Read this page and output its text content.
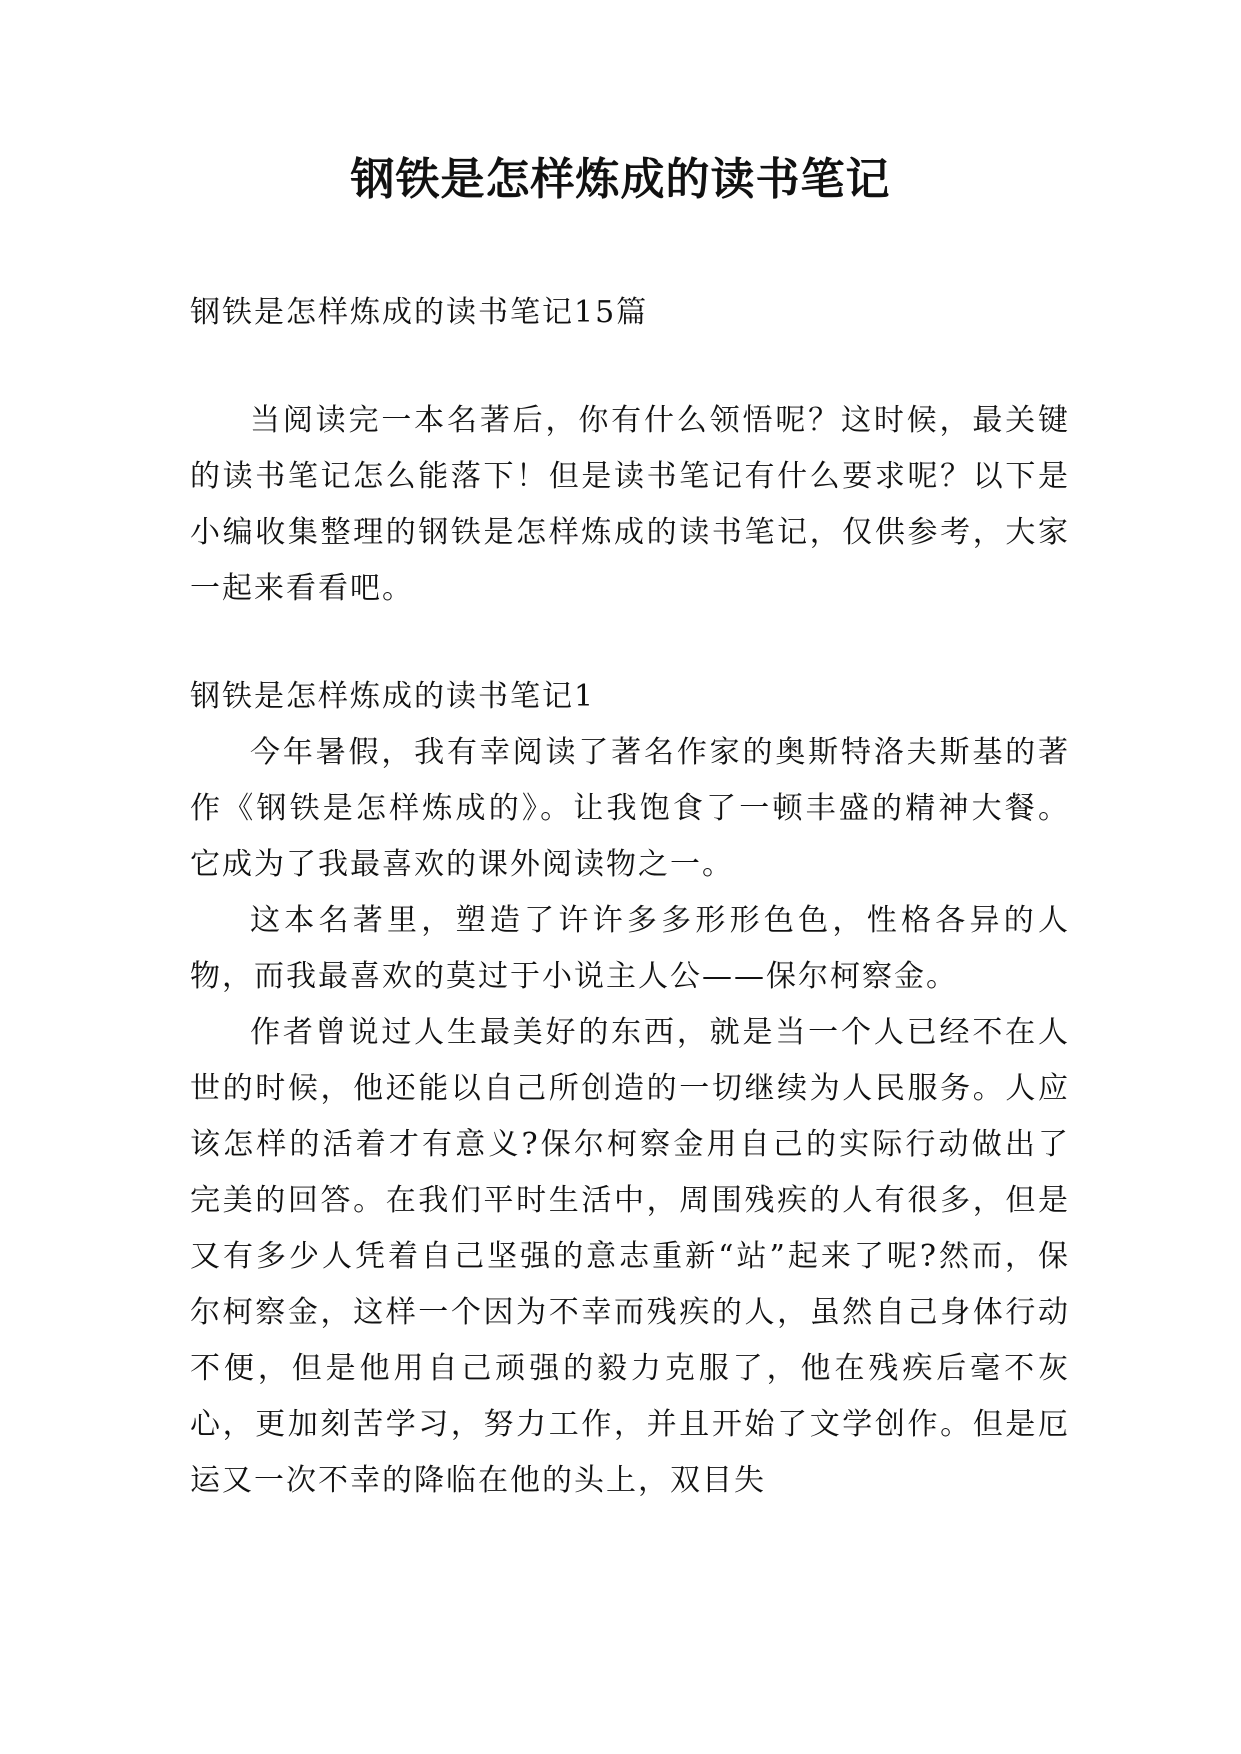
钢铁是怎样炼成的读书笔记

钢铁是怎样炼成的读书笔记15篇

当阅读完一本名著后，你有什么领悟呢？这时候，最关键的读书笔记怎么能落下！但是读书笔记有什么要求呢？以下是小编收集整理的钢铁是怎样炼成的读书笔记，仅供参考，大家一起来看看吧。

钢铁是怎样炼成的读书笔记1

今年暑假，我有幸阅读了著名作家的奥斯特洛夫斯基的著作《钢铁是怎样炼成的》。让我饱食了一顿丰盛的精神大餐。它成为了我最喜欢的课外阅读物之一。

这本名著里，塑造了许许多多形形色色，性格各异的人物，而我最喜欢的莫过于小说主人公——保尔柯察金。

作者曾说过人生最美好的东西，就是当一个人已经不在人世的时候，他还能以自己所创造的一切继续为人民服务。人应该怎样的活着才有意义?保尔柯察金用自己的实际行动做出了完美的回答。在我们平时生活中，周围残疾的人有很多，但是又有多少人凭着自己坚强的意志重新“站”起来了呢?然而，保尔柯察金，这样一个因为不幸而残疾的人，虽然自己身体行动不便，但是他用自己顽强的毅力克服了，他在残疾后毫不灰心，更加刻苦学习，努力工作，并且开始了文学创作。但是厄运又一次不幸的降临在他的头上，双目失
